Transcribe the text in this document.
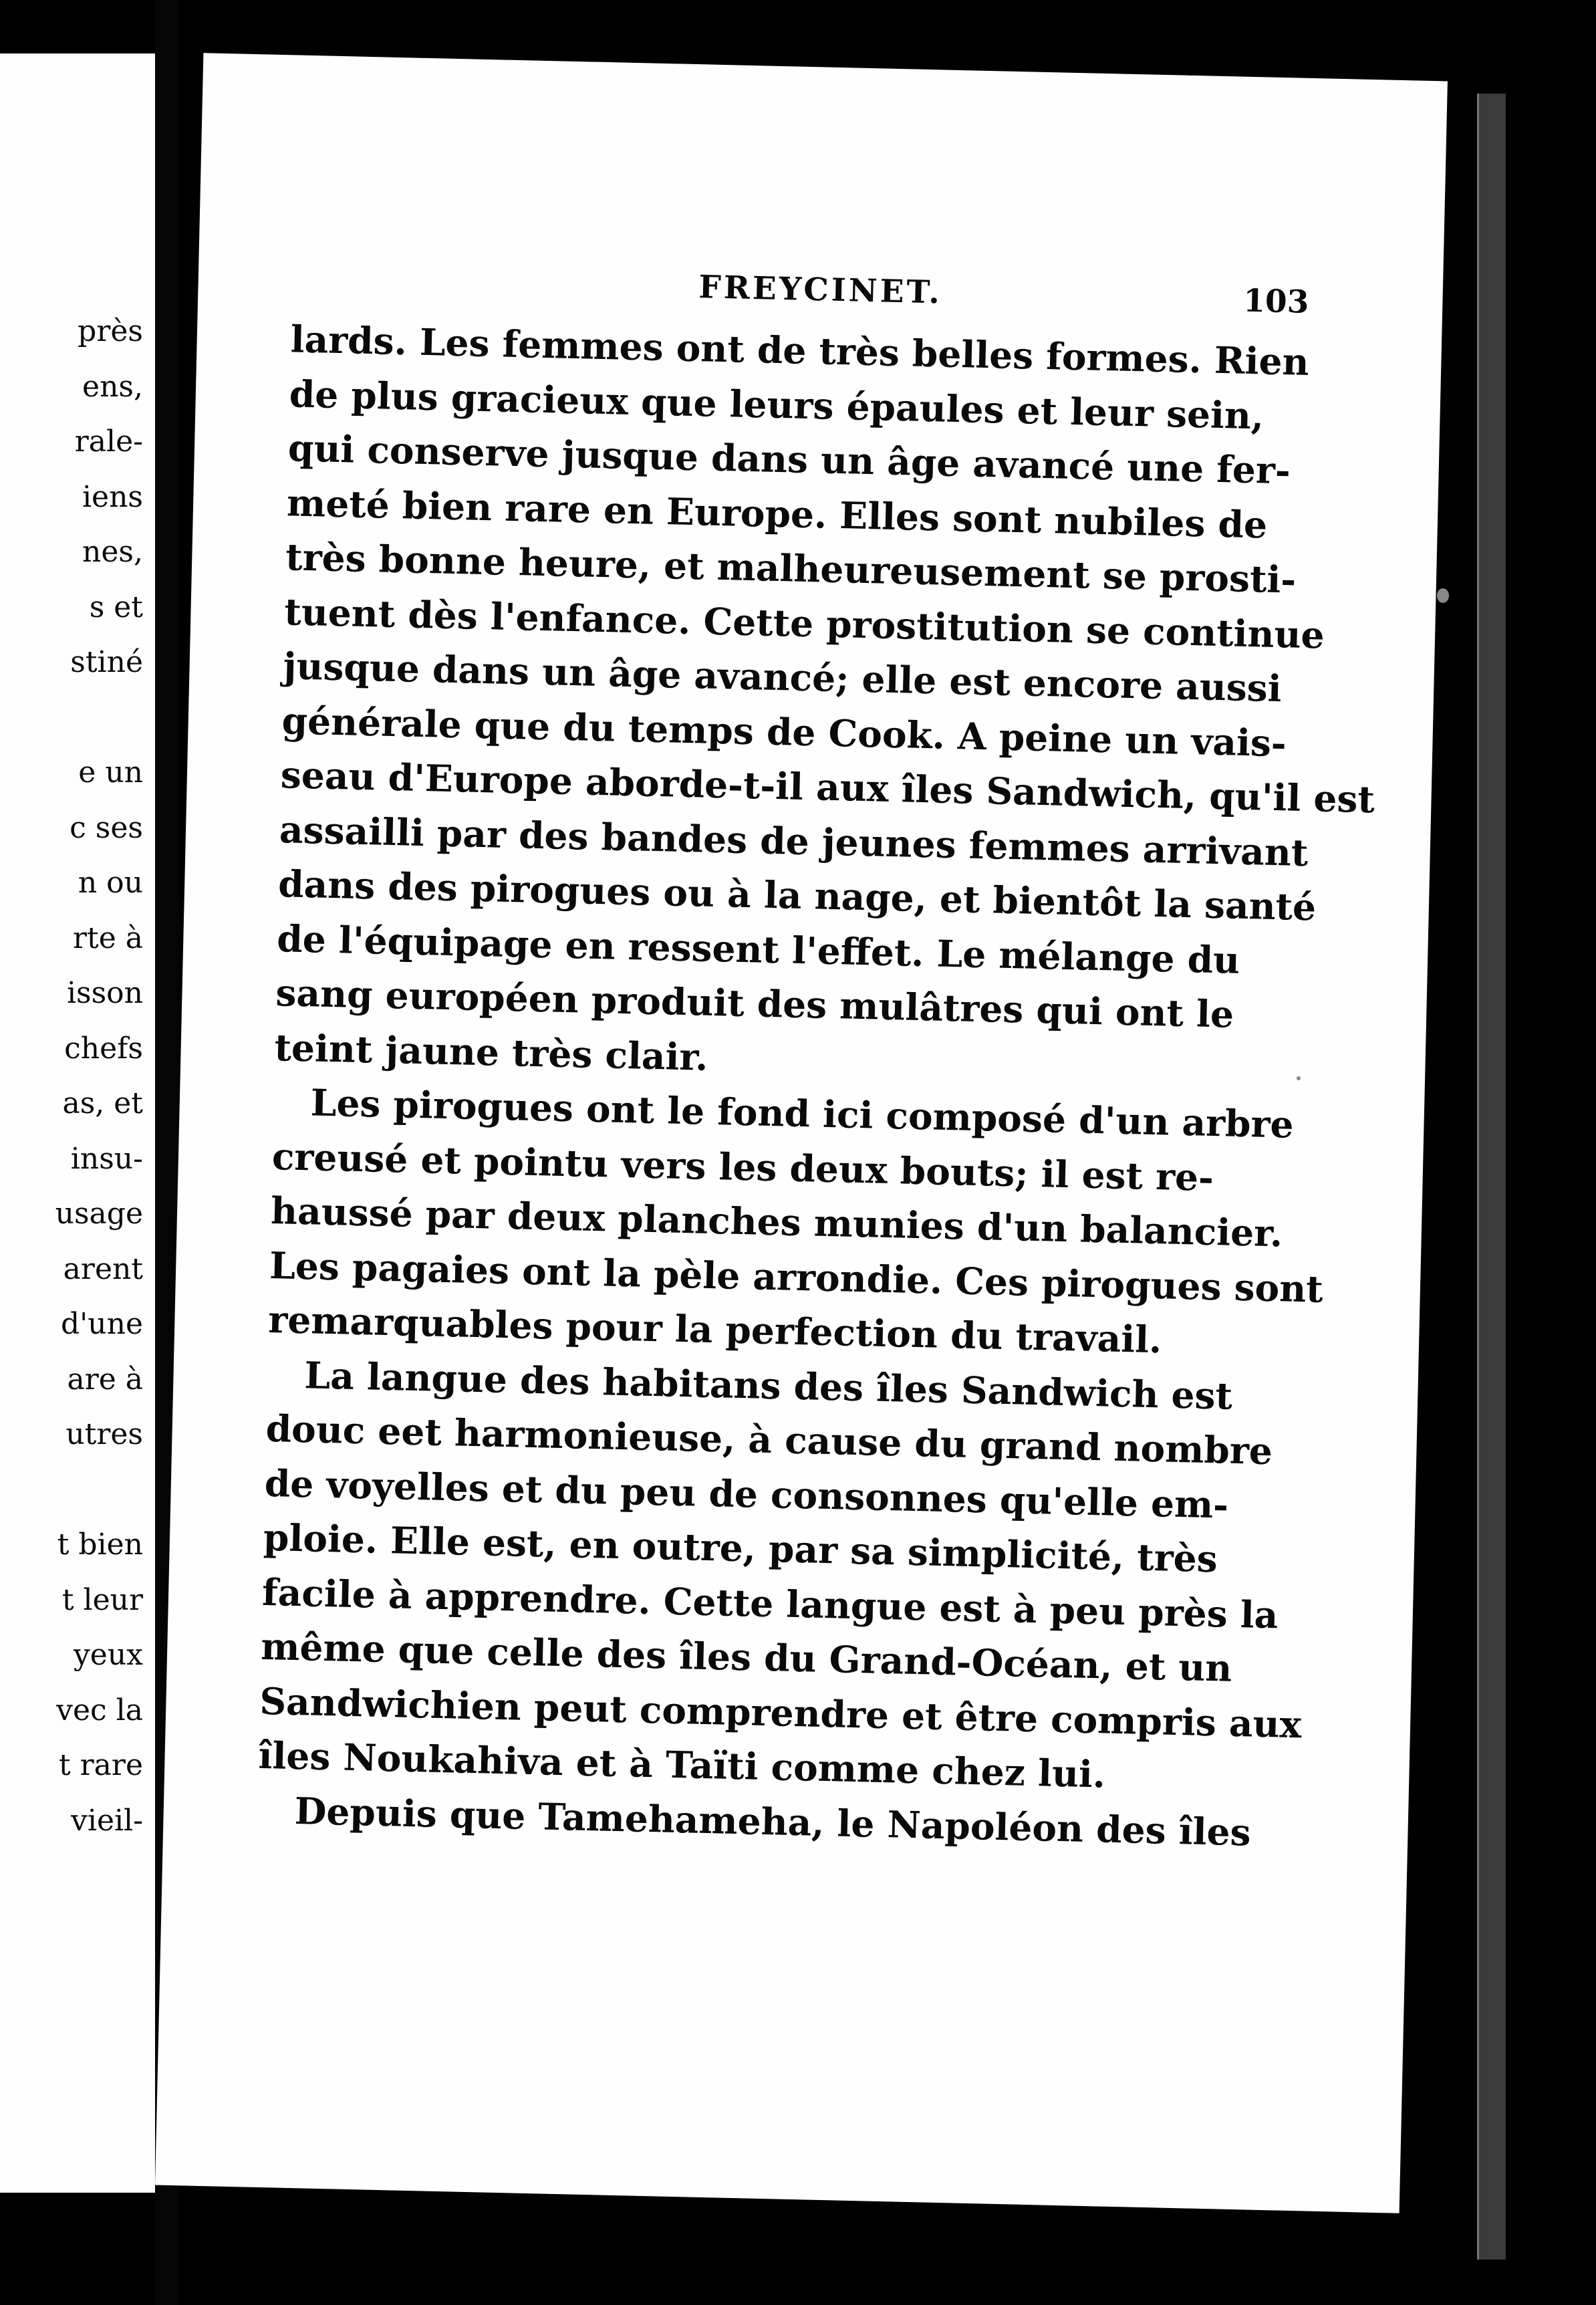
près
ens,
rale-
iens
nes,
s et
stiné
e un
c ses
n ou
rte à
isson
chefs
as, et
insu-
usage
arent
d'une
are à
utres
t bien
t leur
yeux
vec la
t rare
vieil-
FREYCINET.	103
lards. Les femmes ont de très belles formes. Rien
de plus gracieux que leurs épaules et leur sein,
qui conserve jusque dans un âge avancé une fer-
meté bien rare en Europe. Elles sont nubiles de
très bonne heure, et malheureusement se prosti-
tuent dès l'enfance. Cette prostitution se continue
jusque dans un âge avancé; elle est encore aussi
générale que du temps de Cook. A peine un vais-
seau d'Europe aborde-t-il aux îles Sandwich, qu'il est
assailli par des bandes de jeunes femmes arrivant
dans des pirogues ou à la nage, et bientôt la santé
de l'équipage en ressent l'effet. Le mélange du
sang européen produit des mulâtres qui ont le
teint jaune très clair.
Les pirogues ont le fond ici composé d'un arbre
creusé et pointu vers les deux bouts; il est re-
haussé par deux planches munies d'un balancier.
Les pagaies ont la pèle arrondie. Ces pirogues sont
remarquables pour la perfection du travail.
La langue des habitans des îles Sandwich est
douc eet harmonieuse, à cause du grand nombre
de voyelles et du peu de consonnes qu'elle em-
ploie. Elle est, en outre, par sa simplicité, très
facile à apprendre. Cette langue est à peu près la
même que celle des îles du Grand-Océan, et un
Sandwichien peut comprendre et être compris aux
îles Noukahiva et à Taïti comme chez lui.
Depuis que Tamehameha, le Napoléon des îles
